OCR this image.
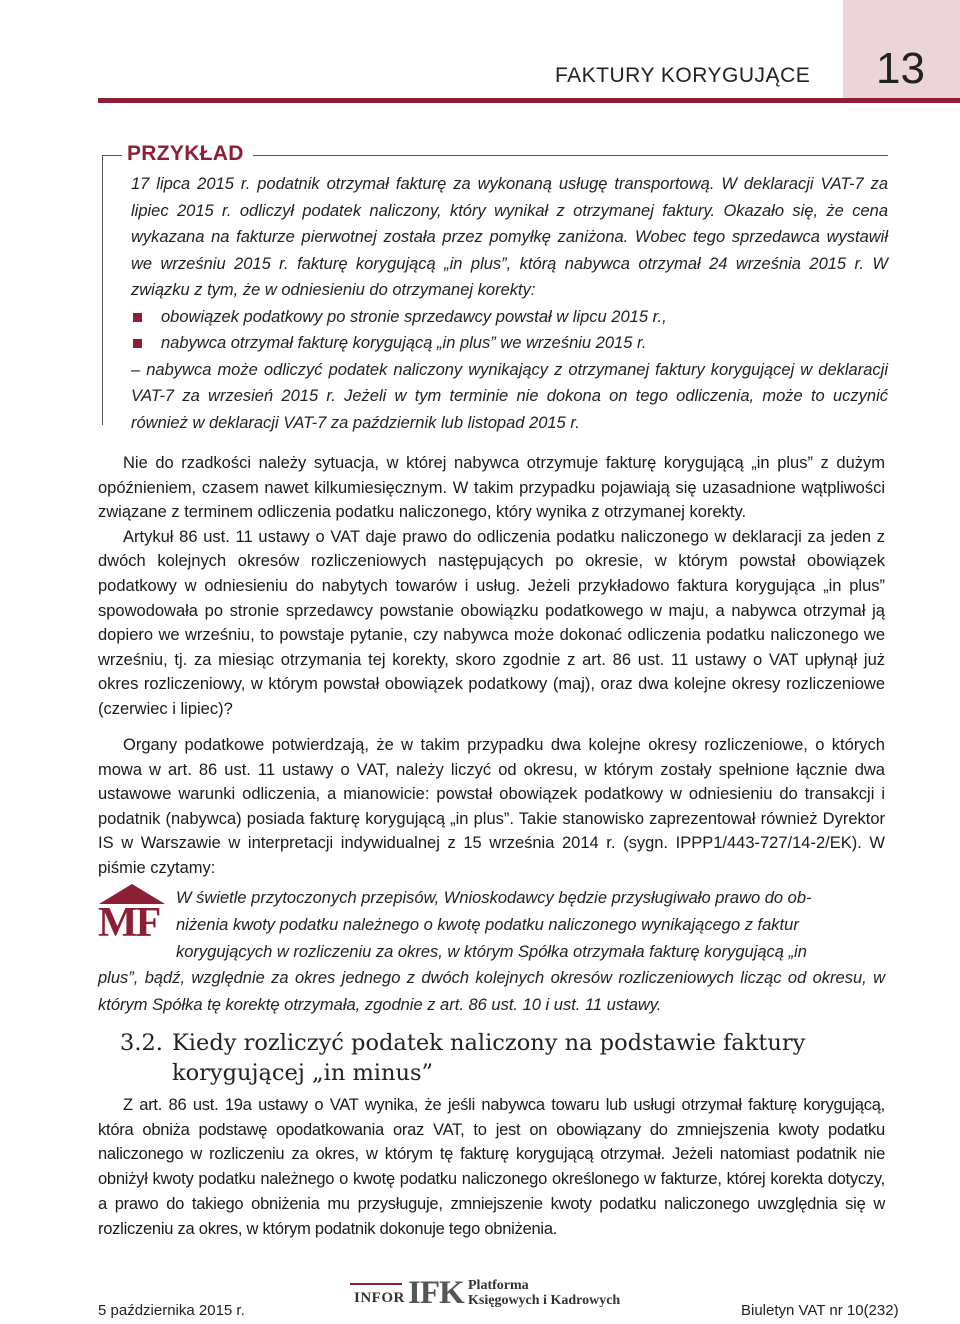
FAKTURY KORYGUJĄCE 13
PRZYKŁAD

17 lipca 2015 r. podatnik otrzymał fakturę za wykonaną usługę transportową. W deklaracji VAT-7 za lipiec 2015 r. odliczył podatek naliczony, który wynikał z otrzymanej faktury. Okazało się, że cena wykazana na fakturze pierwotnej została przez pomyłkę zaniżona. Wobec tego sprzedawca wystawił we wrześniu 2015 r. fakturę korygującą „in plus”, którą nabywca otrzymał 24 września 2015 r. W związku z tym, że w odniesieniu do otrzymanej korekty:

obowiązek podatkowy po stronie sprzedawcy powstał w lipcu 2015 r.,

nabywca otrzymał fakturę korygującą „in plus” we wrześniu 2015 r.

– nabywca może odliczyć podatek naliczony wynikający z otrzymanej faktury korygującej w deklaracji VAT-7 za wrzesień 2015 r. Jeżeli w tym terminie nie dokona on tego odliczenia, może to uczynić również w deklaracji VAT-7 za październik lub listopad 2015 r.

Nie do rzadkości należy sytuacja, w której nabywca otrzymuje fakturę korygującą „in plus” z dużym opóźnieniem, czasem nawet kilkumiesięcznym. W takim przypadku pojawiają się uzasadnione wątpliwości związane z terminem odliczenia podatku naliczonego, który wynika z otrzymanej korekty.

Artykuł 86 ust. 11 ustawy o VAT daje prawo do odliczenia podatku naliczonego w deklaracji za jeden z dwóch kolejnych okresów rozliczeniowych następujących po okresie, w którym powstał obowiązek podatkowy w odniesieniu do nabytych towarów i usług. Jeżeli przykładowo faktura korygująca „in plus” spowodowała po stronie sprzedawcy powstanie obowiązku podatkowego w maju, a nabywca otrzymał ją dopiero we wrześniu, to powstaje pytanie, czy nabywca może dokonać odliczenia podatku naliczonego we wrześniu, tj. za miesiąc otrzymania tej korekty, skoro zgodnie z art. 86 ust. 11 ustawy o VAT upłynął już okres rozliczeniowy, w którym powstał obowiązek podatkowy (maj), oraz dwa kolejne okresy rozliczeniowe (czerwiec i lipiec)?

Organy podatkowe potwierdzają, że w takim przypadku dwa kolejne okresy rozliczeniowe, o których mowa w art. 86 ust. 11 ustawy o VAT, należy liczyć od okresu, w którym zostały spełnione łącznie dwa ustawowe warunki odliczenia, a mianowicie: powstał obowiązek podatkowy w odniesieniu do transakcji i podatnik (nabywca) posiada fakturę korygującą „in plus”. Takie stanowisko zaprezentował również Dyrektor IS w Warszawie w interpretacji indywidualnej z 15 września 2014 r. (sygn. IPPP1/443-727/14-2/EK). W piśmie czytamy:

MF
W świetle przytoczonych przepisów, Wnioskodawcy będzie przysługiwało prawo do ob-
niżenia kwoty podatku należnego o kwotę podatku naliczonego wynikającego z faktur
korygujących w rozliczeniu za okres, w którym Spółka otrzymała fakturę korygującą „in
plus”, bądź, względnie za okres jednego z dwóch kolejnych okresów rozliczeniowych licząc od okresu, w którym Spółka tę korektę otrzymała, zgodnie z art. 86 ust. 10 i ust. 11 ustawy.
3.2. Kiedy rozliczyć podatek naliczony na podstawie faktury
korygującej „in minus”

Z art. 86 ust. 19a ustawy o VAT wynika, że jeśli nabywca towaru lub usługi otrzymał fakturę korygującą, która obniża podstawę opodatkowania oraz VAT, to jest on obowiązany do zmniejszenia kwoty podatku naliczonego w rozliczeniu za okres, w którym tę fakturę korygującą otrzymał. Jeżeli natomiast podatnik nie obniżył kwoty podatku należnego o kwotę podatku naliczonego określonego w fakturze, której korekta dotyczy, a prawo do takiego obniżenia mu przysługuje, zmniejszenie kwoty podatku naliczonego uwzględnia się w rozliczeniu za okres, w którym podatnik dokonuje tego obniżenia.

INFOR IFK Platforma
Księgowych i Kadrowych
5 października 2015 r.	Biuletyn VAT nr 10(232)
